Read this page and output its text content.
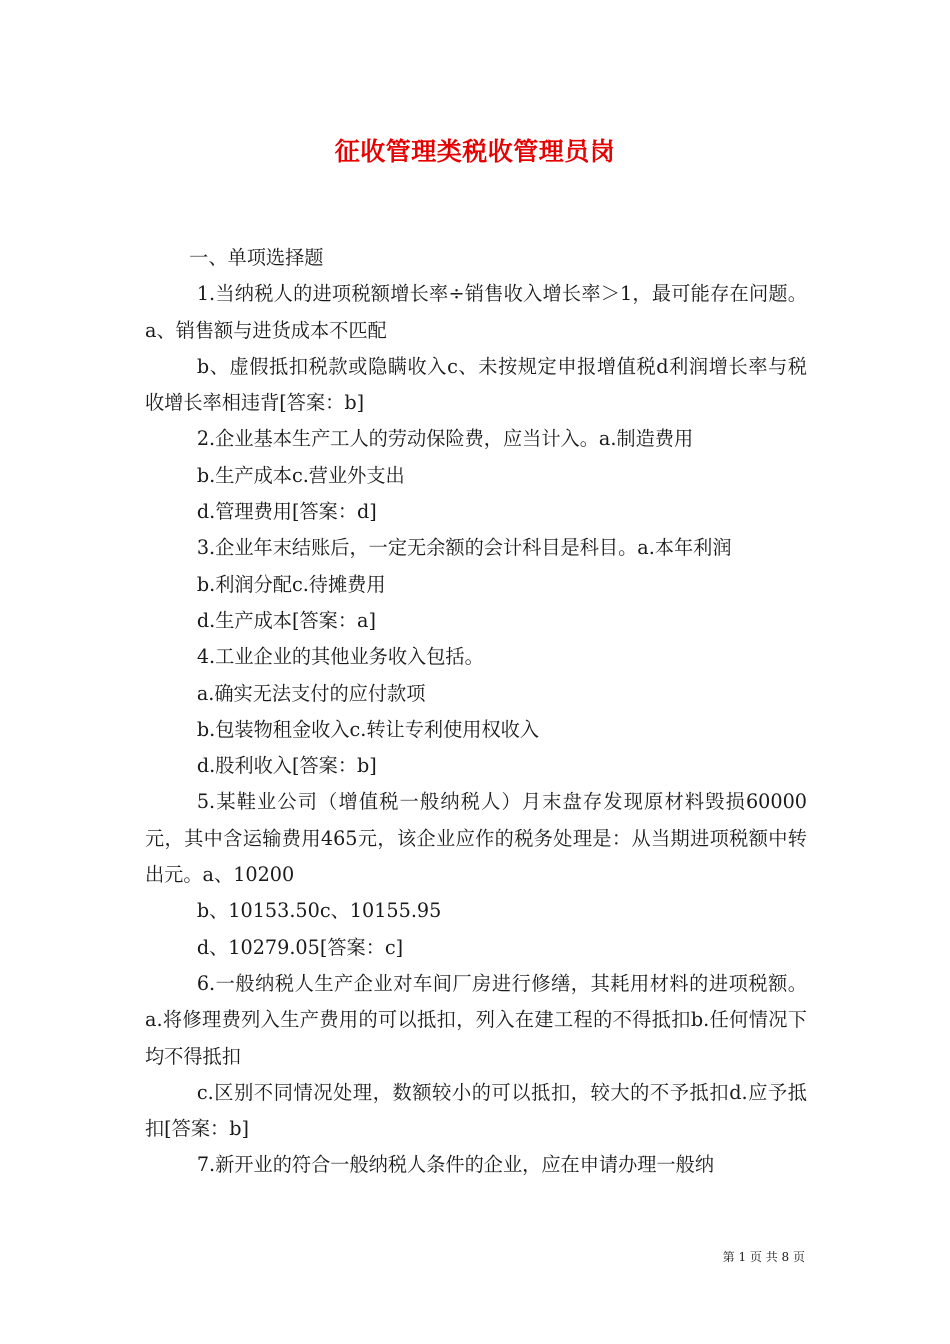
征收管理类税收管理员岗

一、单项选择题

1.当纳税人的进项税额增长率÷销售收入增长率＞1，最可能存在问题。a、销售额与进货成本不匹配

b、虚假抵扣税款或隐瞒收入c、未按规定申报增值税d利润增长率与税收增长率相违背[答案：b]

2.企业基本生产工人的劳动保险费，应当计入。a.制造费用

b.生产成本c.营业外支出

d.管理费用[答案：d]

3.企业年末结账后，一定无余额的会计科目是科目。a.本年利润

b.利润分配c.待摊费用

d.生产成本[答案：a]

4.工业企业的其他业务收入包括。

a.确实无法支付的应付款项

b.包装物租金收入c.转让专利使用权收入

d.股利收入[答案：b]

5.某鞋业公司（增值税一般纳税人）月末盘存发现原材料毁损60000元，其中含运输费用465元，该企业应作的税务处理是：从当期进项税额中转出元。a、10200

b、10153.50c、10155.95

d、10279.05[答案：c]

6.一般纳税人生产企业对车间厂房进行修缮，其耗用材料的进项税额。a.将修理费列入生产费用的可以抵扣，列入在建工程的不得抵扣b.任何情况下均不得抵扣

c.区别不同情况处理，数额较小的可以抵扣，较大的不予抵扣d.应予抵扣[答案：b]

7.新开业的符合一般纳税人条件的企业，应在申请办理一般纳

第 1 页 共 8 页
